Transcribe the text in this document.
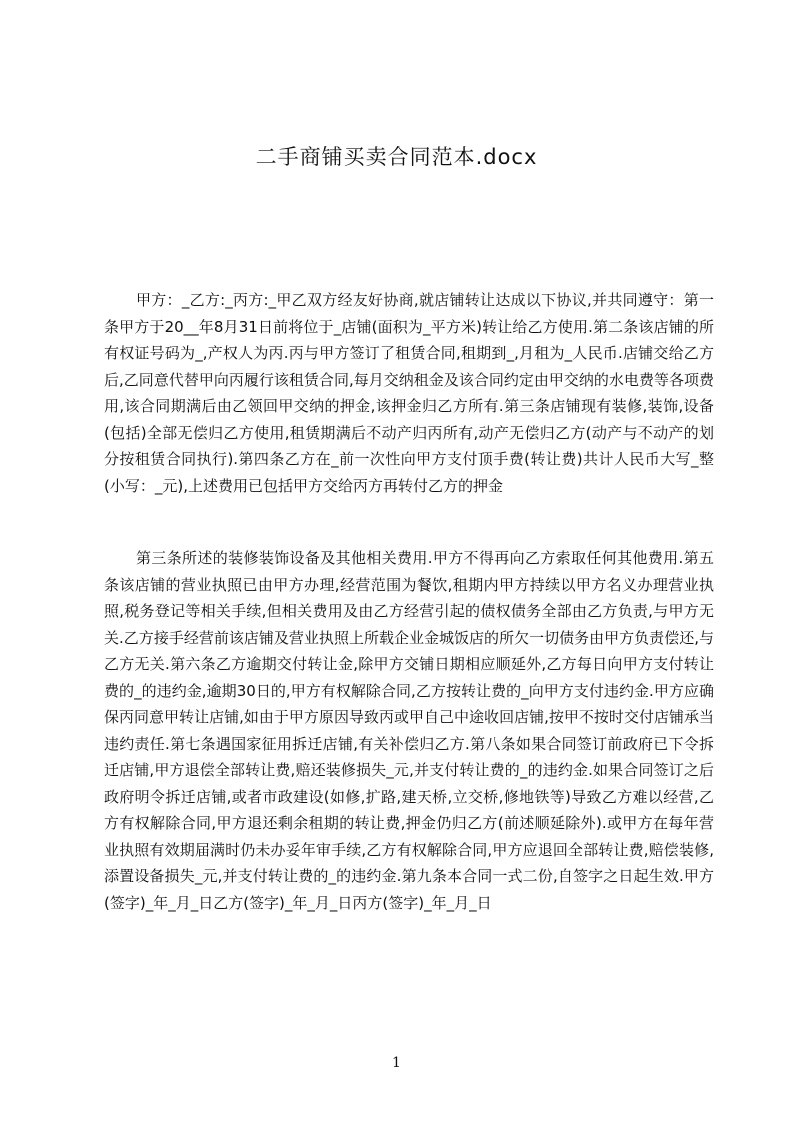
二手商铺买卖合同范本.docx

甲方：_乙方:_丙方:_甲乙双方经友好协商,就店铺转让达成以下协议,并共同遵守：第一条甲方于20__年8月31日前将位于_店铺(面积为_平方米)转让给乙方使用.第二条该店铺的所有权证号码为_,产权人为丙.丙与甲方签订了租赁合同,租期到_,月租为_人民币.店铺交给乙方后,乙同意代替甲向丙履行该租赁合同,每月交纳租金及该合同约定由甲交纳的水电费等各项费用,该合同期满后由乙领回甲交纳的押金,该押金归乙方所有.第三条店铺现有装修,装饰,设备(包括)全部无偿归乙方使用,租赁期满后不动产归丙所有,动产无偿归乙方(动产与不动产的划分按租赁合同执行).第四条乙方在_前一次性向甲方支付顶手费(转让费)共计人民币大写_整(小写：_元),上述费用已包括甲方交给丙方再转付乙方的押金

第三条所述的装修装饰设备及其他相关费用.甲方不得再向乙方索取任何其他费用.第五条该店铺的营业执照已由甲方办理,经营范围为餐饮,租期内甲方持续以甲方名义办理营业执照,税务登记等相关手续,但相关费用及由乙方经营引起的债权债务全部由乙方负责,与甲方无关.乙方接手经营前该店铺及营业执照上所载企业金城饭店的所欠一切债务由甲方负责偿还,与乙方无关.第六条乙方逾期交付转让金,除甲方交铺日期相应顺延外,乙方每日向甲方支付转让费的_的违约金,逾期30日的,甲方有权解除合同,乙方按转让费的_向甲方支付违约金.甲方应确保丙同意甲转让店铺,如由于甲方原因导致丙或甲自己中途收回店铺,按甲不按时交付店铺承当违约责任.第七条遇国家征用拆迁店铺,有关补偿归乙方.第八条如果合同签订前政府已下令拆迁店铺,甲方退偿全部转让费,赔还装修损失_元,并支付转让费的_的违约金.如果合同签订之后政府明令拆迁店铺,或者市政建设(如修,扩路,建天桥,立交桥,修地铁等)导致乙方难以经营,乙方有权解除合同,甲方退还剩余租期的转让费,押金仍归乙方(前述顺延除外).或甲方在每年营业执照有效期届满时仍未办妥年审手续,乙方有权解除合同,甲方应退回全部转让费,赔偿装修,添置设备损失_元,并支付转让费的_的违约金.第九条本合同一式二份,自签字之日起生效.甲方(签字)_年_月_日乙方(签字)_年_月_日丙方(签字)_年_月_日

1
